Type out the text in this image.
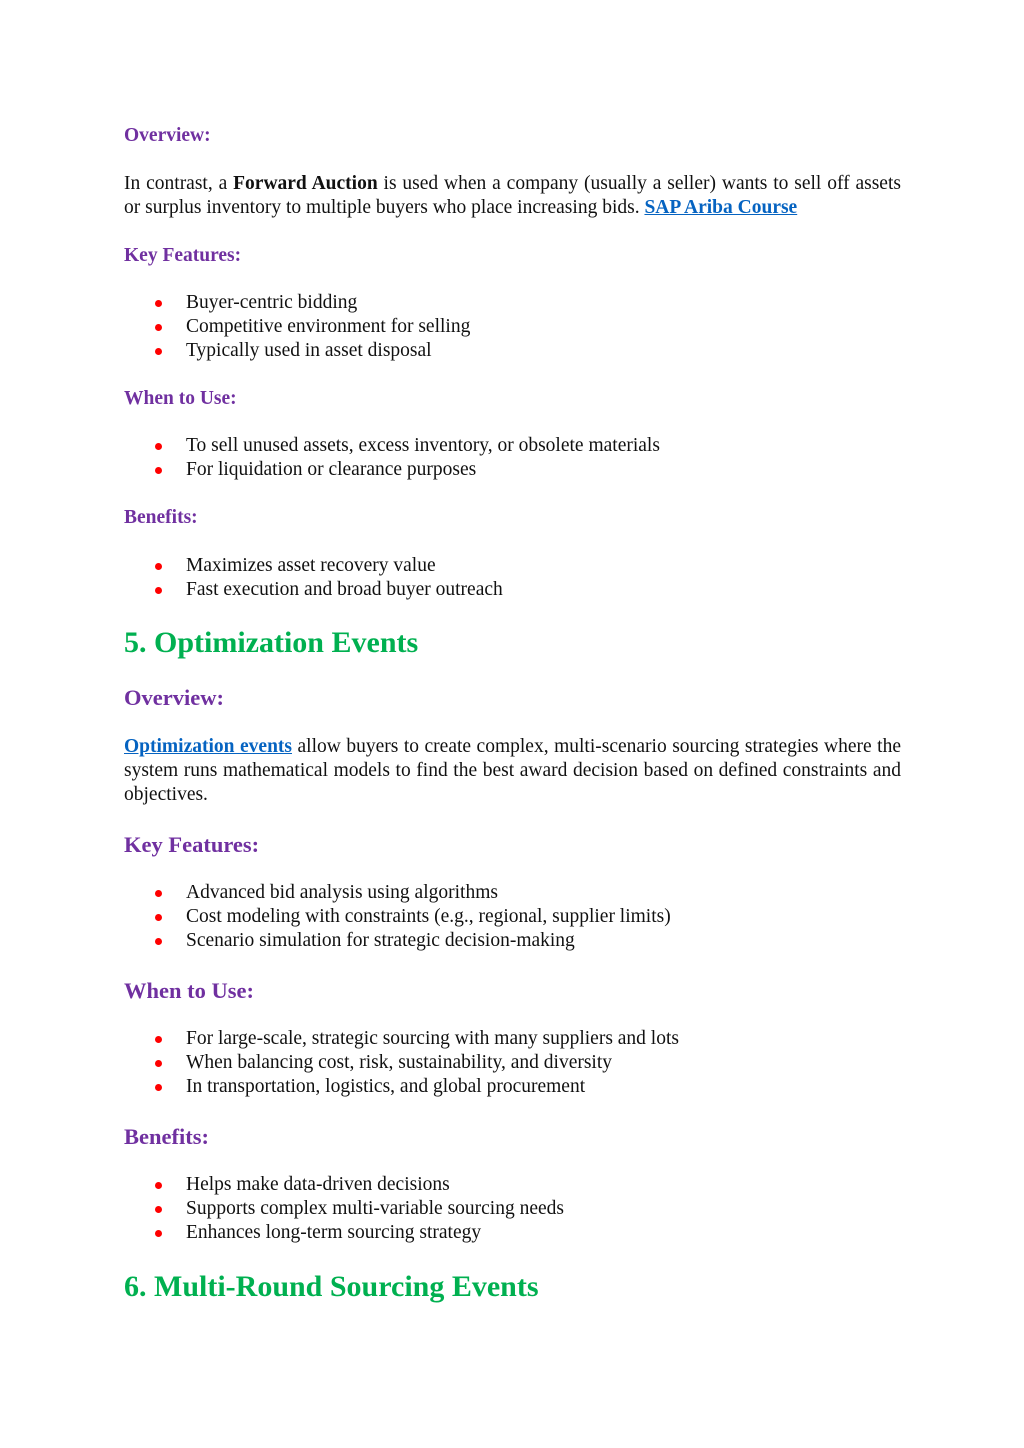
Overview:

In contrast, a Forward Auction is used when a company (usually a seller) wants to sell off assets or surplus inventory to multiple buyers who place increasing bids. SAP Ariba Course

Key Features:
Buyer-centric bidding
Competitive environment for selling
Typically used in asset disposal
When to Use:
To sell unused assets, excess inventory, or obsolete materials
For liquidation or clearance purposes
Benefits:
Maximizes asset recovery value
Fast execution and broad buyer outreach
5. Optimization Events
Overview:

Optimization events allow buyers to create complex, multi-scenario sourcing strategies where the system runs mathematical models to find the best award decision based on defined constraints and objectives.

Key Features:
Advanced bid analysis using algorithms
Cost modeling with constraints (e.g., regional, supplier limits)
Scenario simulation for strategic decision-making
When to Use:
For large-scale, strategic sourcing with many suppliers and lots
When balancing cost, risk, sustainability, and diversity
In transportation, logistics, and global procurement
Benefits:
Helps make data-driven decisions
Supports complex multi-variable sourcing needs
Enhances long-term sourcing strategy
6. Multi-Round Sourcing Events
